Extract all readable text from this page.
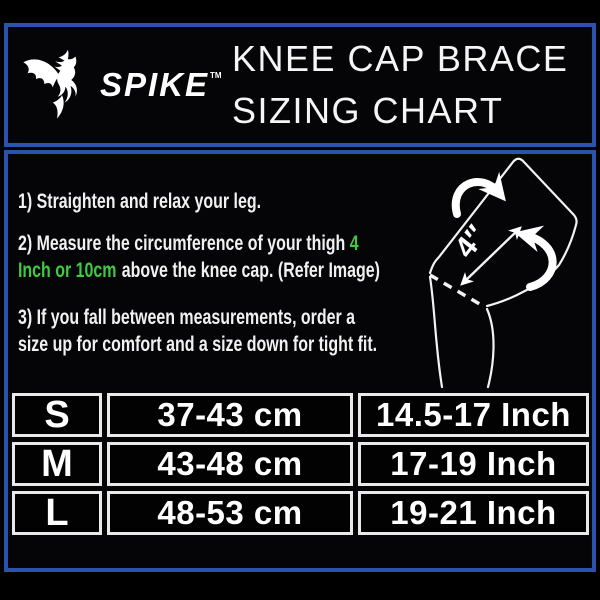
SPIKE™ KNEE CAP BRACE
SIZING CHART

1) Straighten and relax your leg.

2) Measure the circumference of your thigh 4
Inch or 10cm above the knee cap. (Refer Image)

3) If you fall between measurements, order a
size up for comfort and a size down for tight fit.

4″
S	37-43 cm	14.5-17 Inch
M	43-48 cm	17-19 Inch
L	48-53 cm	19-21 Inch
